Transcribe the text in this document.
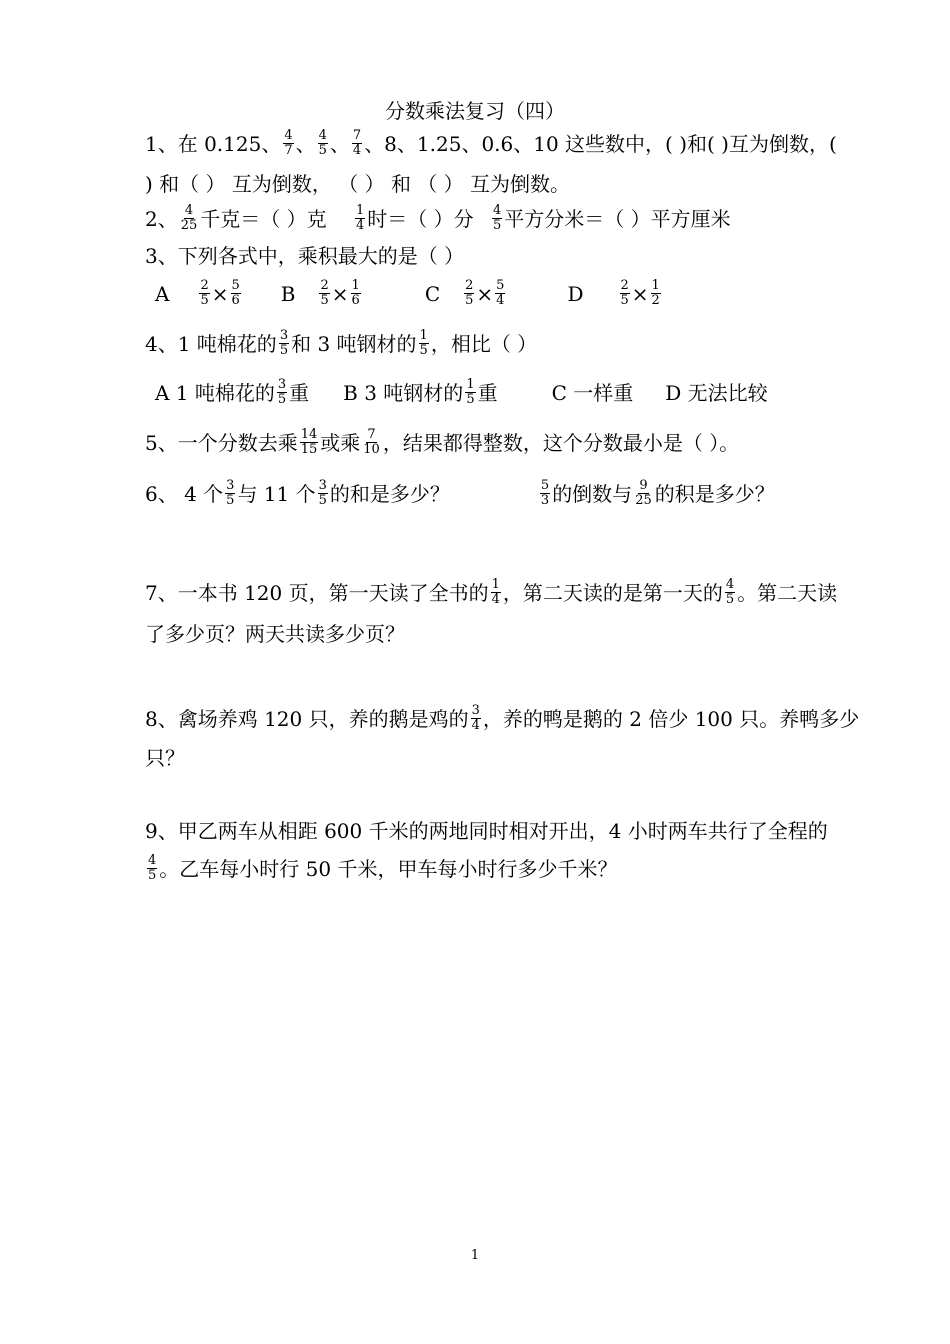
分数乘法复习（四）
1、在 0.125、 $\frac{4}{7}$ 、 $\frac{4}{5}$ 、 $\frac{7}{4}$ 、8、1.25、0.6、10 这些数中，( )和( )互为倒数，(
) 和（ ） 互为倒数， （ ） 和 （ ） 互为倒数。
2、 $\frac{4}{25}$ 千克＝（ ）克 $\frac{1}{4}$ 时＝（ ）分 $\frac{4}{5}$ 平方分米＝（ ）平方厘米
3、下列各式中，乘积最大的是（ ）
A $\frac{2}{5} \times \frac{5}{6}$ B $\frac{2}{5} \times \frac{1}{6}$	C $\frac{2}{5} \times \frac{5}{4}$	D	$\frac{2}{5} \times \frac{1}{2}$
4、1 吨棉花的 $\frac{3}{5}$ 和 3 吨钢材的 $\frac{1}{5}$ ，相比（ ）
A 1 吨棉花的 $\frac{3}{5}$ 重 B 3 吨钢材的 $\frac{1}{5}$ 重	C 一样重 D 无法比较
5、一个分数去乘 $\frac{14}{15}$ 或乘 $\frac{7}{10}$ ，结果都得整数，这个分数最小是（ ）。
6、 4 个 $\frac{3}{5}$ 与 11 个 $\frac{3}{5}$ 的和是多少？	$\frac{5}{3}$ 的倒数与 $\frac{9}{25}$ 的积是多少？
7、一本书 120 页，第一天读了全书的 $\frac{1}{4}$ ，第二天读的是第一天的 $\frac{4}{5}$ 。第二天读
了多少页？两天共读多少页？
8、禽场养鸡 120 只，养的鹅是鸡的 $\frac{3}{4}$ ，养的鸭是鹅的 2 倍少 100 只。养鸭多少
只？
9、甲乙两车从相距 600 千米的两地同时相对开出，4 小时两车共行了全程的
$\frac{4}{5}$ 。乙车每小时行 50 千米，甲车每小时行多少千米？
1
